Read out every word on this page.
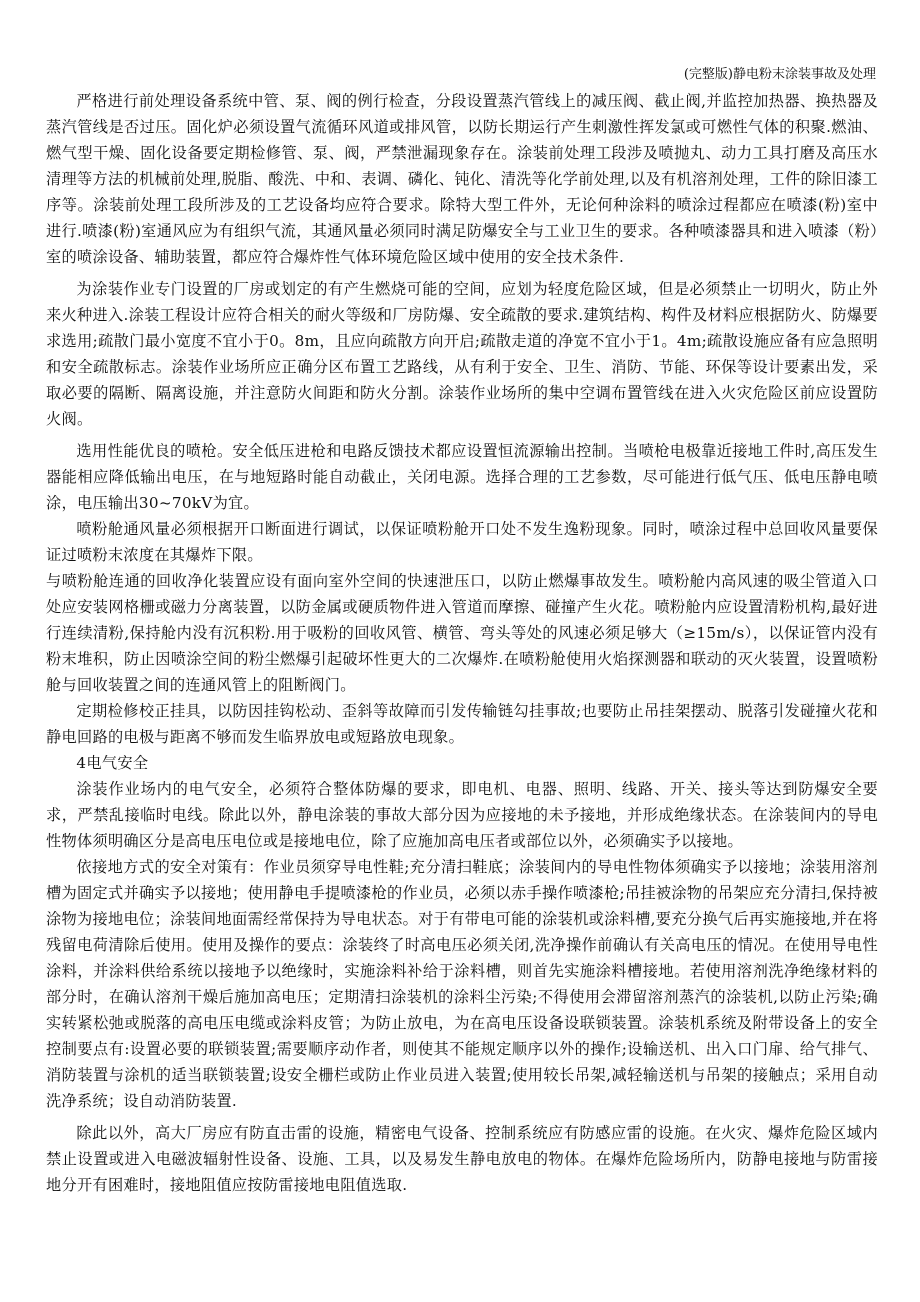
(完整版)静电粉末涂装事故及处理

严格进行前处理设备系统中管、泵、阀的例行检查，分段设置蒸汽管线上的减压阀、截止阀,并监控加热器、换热器及蒸汽管线是否过压。固化炉必须设置气流循环风道或排风管，以防长期运行产生刺激性挥发氯或可燃性气体的积聚.燃油、燃气型干燥、固化设备要定期检修管、泵、阀，严禁泄漏现象存在。涂装前处理工段涉及喷抛丸、动力工具打磨及高压水清理等方法的机械前处理,脱脂、酸洗、中和、表调、磷化、钝化、清洗等化学前处理,以及有机溶剂处理，工件的除旧漆工序等。涂装前处理工段所涉及的工艺设备均应符合要求。除特大型工件外，无论何种涂料的喷涂过程都应在喷漆(粉)室中进行.喷漆(粉)室通风应为有组织气流，其通风量必须同时满足防爆安全与工业卫生的要求。各种喷漆器具和进入喷漆（粉）室的喷涂设备、辅助装置，都应符合爆炸性气体环境危险区域中使用的安全技术条件.

为涂装作业专门设置的厂房或划定的有产生燃烧可能的空间，应划为轻度危险区域，但是必须禁止一切明火，防止外来火种进入.涂装工程设计应符合相关的耐火等级和厂房防爆、安全疏散的要求.建筑结构、构件及材料应根据防火、防爆要求选用;疏散门最小宽度不宜小于0。8m，且应向疏散方向开启;疏散走道的净宽不宜小于1。4m;疏散设施应备有应急照明和安全疏散标志。涂装作业场所应正确分区布置工艺路线，从有利于安全、卫生、消防、节能、环保等设计要素出发，采取必要的隔断、隔离设施，并注意防火间距和防火分割。涂装作业场所的集中空调布置管线在进入火灾危险区前应设置防火阀。

选用性能优良的喷枪。安全低压进枪和电路反馈技术都应设置恒流源输出控制。当喷枪电极靠近接地工件时,高压发生器能相应降低输出电压，在与地短路时能自动截止，关闭电源。选择合理的工艺参数，尽可能进行低气压、低电压静电喷涂，电压输出30~70kV为宜。

喷粉舱通风量必须根据开口断面进行调试，以保证喷粉舱开口处不发生逸粉现象。同时，喷涂过程中总回收风量要保证过喷粉末浓度在其爆炸下限。

与喷粉舱连通的回收净化装置应设有面向室外空间的快速泄压口，以防止燃爆事故发生。喷粉舱内高风速的吸尘管道入口处应安装网格栅或磁力分离装置，以防金属或硬质物件进入管道而摩擦、碰撞产生火花。喷粉舱内应设置清粉机构,最好进行连续清粉,保持舱内没有沉积粉.用于吸粉的回收风管、横管、弯头等处的风速必须足够大（≥15m/s），以保证管内没有粉末堆积，防止因喷涂空间的粉尘燃爆引起破坏性更大的二次爆炸.在喷粉舱使用火焰探测器和联动的灭火装置，设置喷粉舱与回收装置之间的连通风管上的阻断阀门。

定期检修校正挂具，以防因挂钩松动、歪斜等故障而引发传输链勾挂事故;也要防止吊挂架摆动、脱落引发碰撞火花和静电回路的电极与距离不够而发生临界放电或短路放电现象。

4电气安全

涂装作业场内的电气安全，必须符合整体防爆的要求，即电机、电器、照明、线路、开关、接头等达到防爆安全要求，严禁乱接临时电线。除此以外，静电涂装的事故大部分因为应接地的未予接地，并形成绝缘状态。在涂装间内的导电性物体须明确区分是高电压电位或是接地电位，除了应施加高电压者或部位以外，必须确实予以接地。

依接地方式的安全对策有：作业员须穿导电性鞋;充分清扫鞋底；涂装间内的导电性物体须确实予以接地；涂装用溶剂槽为固定式并确实予以接地；使用静电手提喷漆枪的作业员，必须以赤手操作喷漆枪;吊挂被涂物的吊架应充分清扫,保持被涂物为接地电位；涂装间地面需经常保持为导电状态。对于有带电可能的涂装机或涂料槽,要充分换气后再实施接地,并在将残留电荷清除后使用。使用及操作的要点：涂装终了时高电压必须关闭,洗净操作前确认有关高电压的情况。在使用导电性涂料，并涂料供给系统以接地予以绝缘时，实施涂料补给于涂料槽，则首先实施涂料槽接地。若使用溶剂洗净绝缘材料的部分时，在确认溶剂干燥后施加高电压；定期清扫涂装机的涂料尘污染;不得使用会滞留溶剂蒸汽的涂装机,以防止污染;确实转紧松弛或脱落的高电压电缆或涂料皮管；为防止放电，为在高电压设备设联锁装置。涂装机系统及附带设备上的安全控制要点有:设置必要的联锁装置;需要顺序动作者，则使其不能规定顺序以外的操作;设输送机、出入口门扉、给气排气、消防装置与涂机的适当联锁装置;设安全栅栏或防止作业员进入装置;使用较长吊架,减轻输送机与吊架的接触点；采用自动洗净系统；设自动消防装置.

除此以外，高大厂房应有防直击雷的设施，精密电气设备、控制系统应有防感应雷的设施。在火灾、爆炸危险区域内禁止设置或进入电磁波辐射性设备、设施、工具，以及易发生静电放电的物体。在爆炸危险场所内，防静电接地与防雷接地分开有困难时，接地阻值应按防雷接地电阻值选取.
